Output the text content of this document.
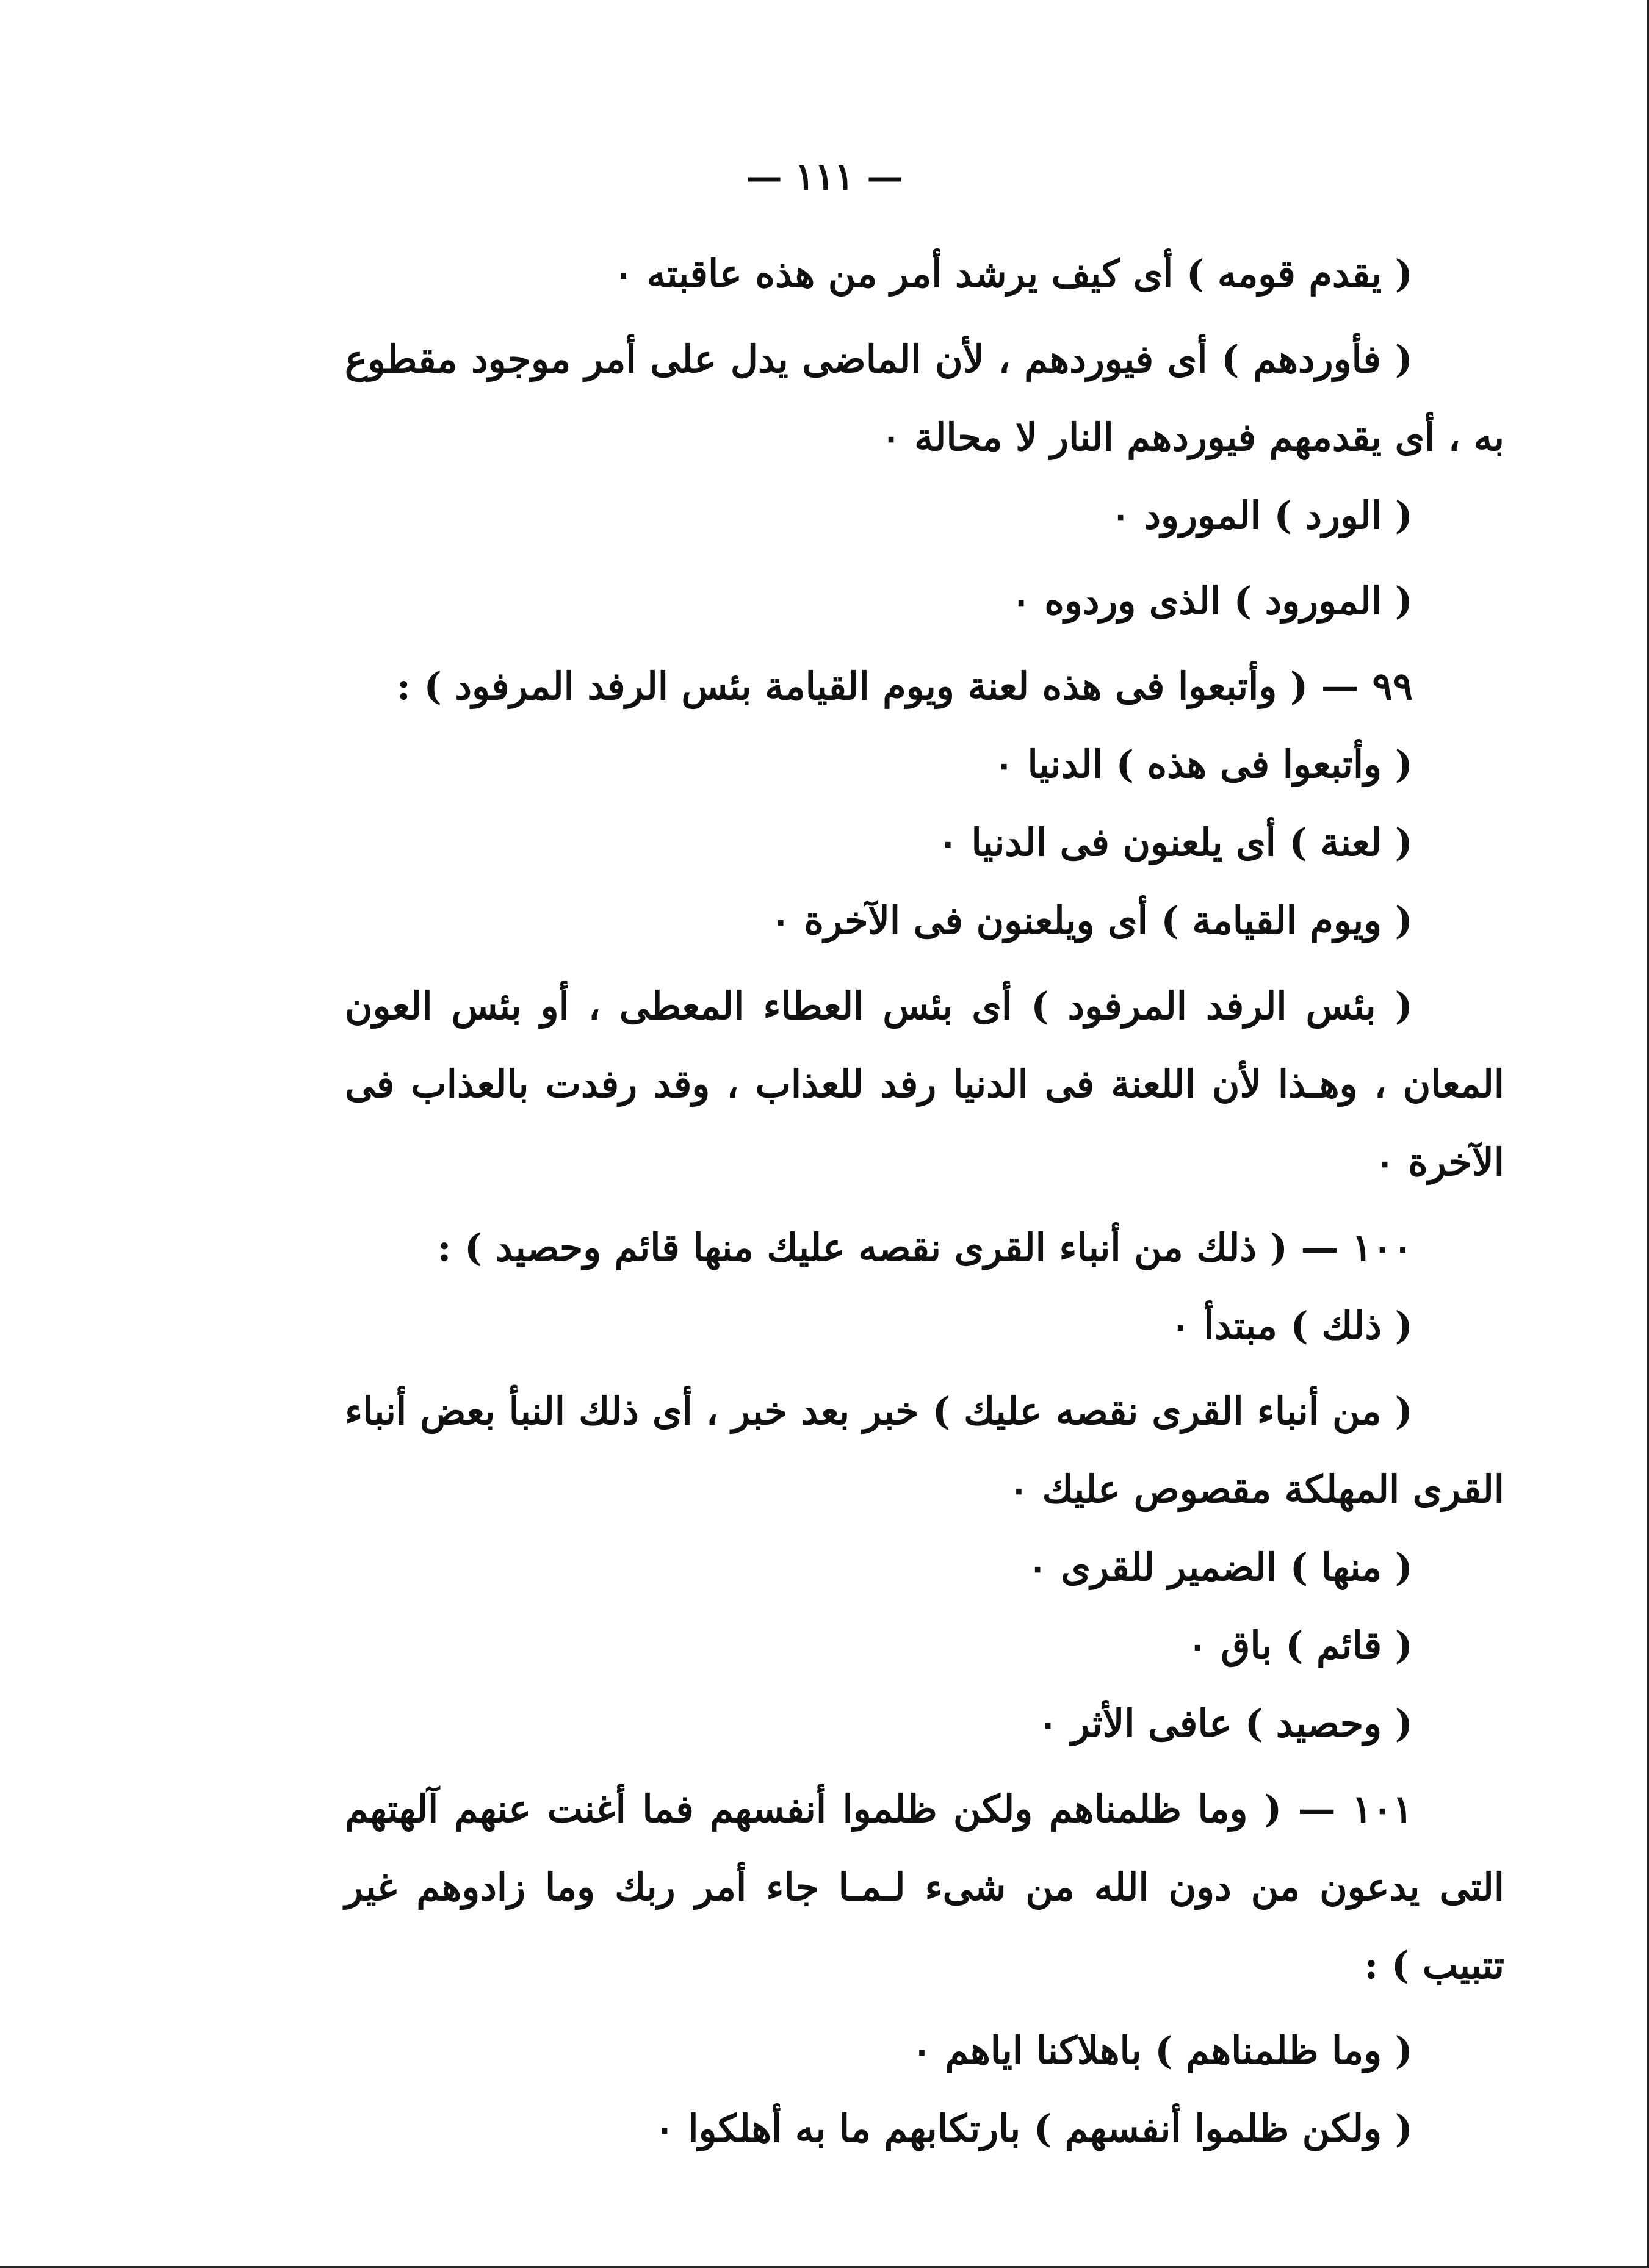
— ١١١ —

( يقدم قومه ) أى كيف يرشد أمر من هذه عاقبته ٠

( فأوردهم ) أى فيوردهم ، لأن الماضى يدل على أمر موجود مقطوع به ، أى يقدمهم فيوردهم النار لا محالة ٠

( الورد ) المورود ٠

( المورود ) الذى وردوه ٠

٩٩ — ( وأتبعوا فى هذه لعنة ويوم القيامة بئس الرفد المرفود ) :

( وأتبعوا فى هذه ) الدنيا ٠

( لعنة ) أى يلعنون فى الدنيا ٠

( ويوم القيامة ) أى ويلعنون فى الآخرة ٠

( بئس الرفد المرفود ) أى بئس العطاء المعطى ، أو بئس العون المعان ، وهـذا لأن اللعنة فى الدنيا رفد للعذاب ، وقد رفدت بالعذاب فى الآخرة ٠

١٠٠ — ( ذلك من أنباء القرى نقصه عليك منها قائم وحصيد ) :

( ذلك ) مبتدأ ٠

( من أنباء القرى نقصه عليك ) خبر بعد خبر ، أى ذلك النبأ بعض أنباء القرى المهلكة مقصوص عليك ٠

( منها ) الضمير للقرى ٠

( قائم ) باق ٠

( وحصيد ) عافى الأثر ٠

١٠١ — ( وما ظلمناهم ولكن ظلموا أنفسهم فما أغنت عنهم آلهتهم التى يدعون من دون الله من شىء لـمـا جاء أمر ربك وما زادوهم غير تتبيب ) :

( وما ظلمناهم ) باهلاكنا اياهم ٠

( ولكن ظلموا أنفسهم ) بارتكابهم ما به أهلكوا ٠
